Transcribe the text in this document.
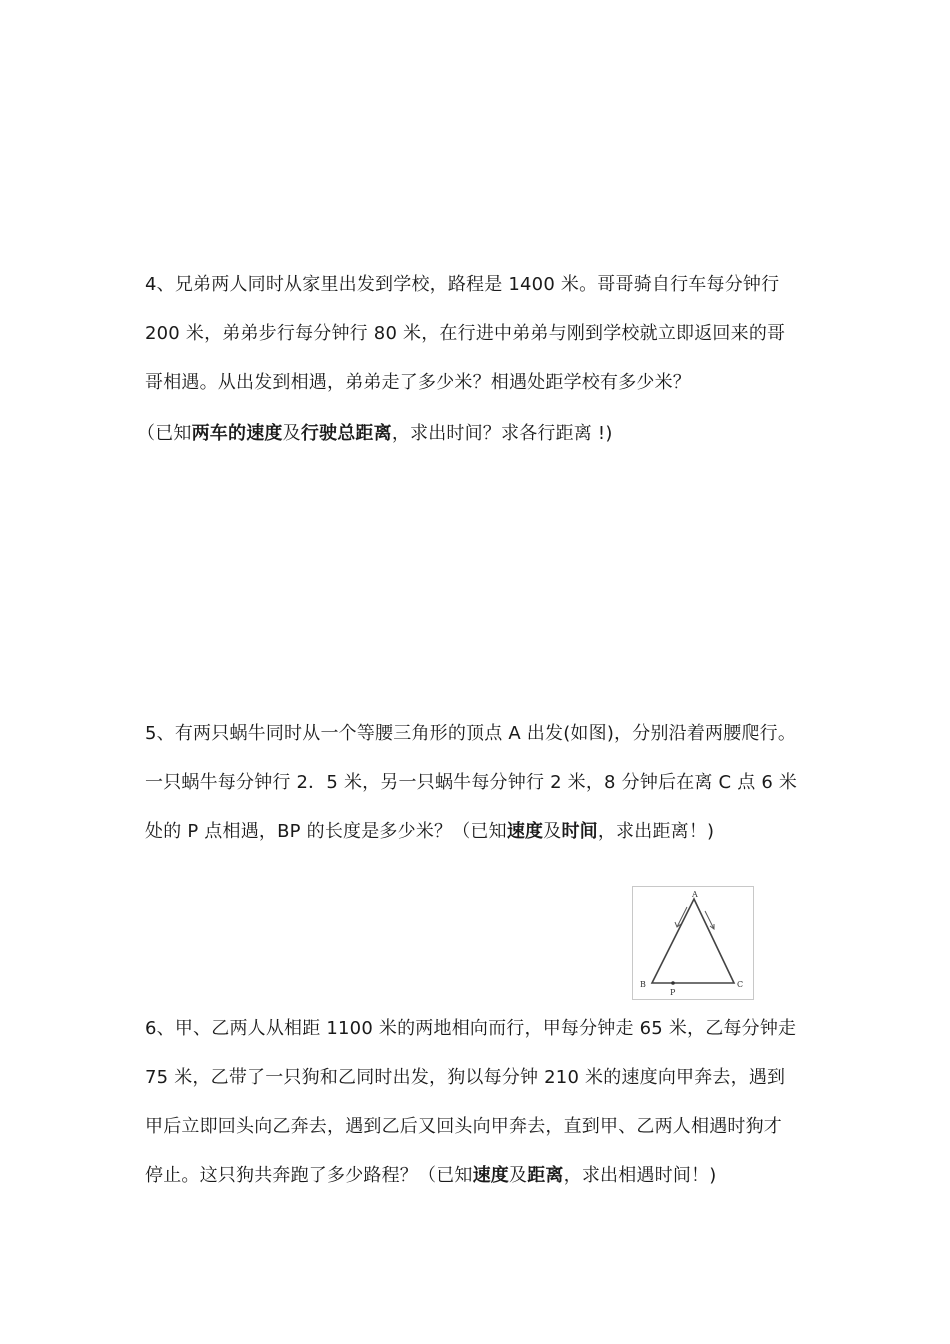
4、兄弟两人同时从家里出发到学校，路程是 1400 米。哥哥骑自行车每分钟行
200 米，弟弟步行每分钟行 80 米，在行进中弟弟与刚到学校就立即返回来的哥
哥相遇。从出发到相遇，弟弟走了多少米？相遇处距学校有多少米？
（已知两车的速度及行驶总距离，求出时间？求各行距离 !)
5、有两只蜗牛同时从一个等腰三角形的顶点 A 出发(如图)，分别沿着两腰爬行。
一只蜗牛每分钟行 2．5 米，另一只蜗牛每分钟行 2 米，8 分钟后在离 C 点 6 米
处的 P 点相遇，BP 的长度是多少米？（已知速度及时间，求出距离！)
A
B	C
P
6、甲、乙两人从相距 1100 米的两地相向而行，甲每分钟走 65 米，乙每分钟走
75 米，乙带了一只狗和乙同时出发，狗以每分钟 210 米的速度向甲奔去，遇到
甲后立即回头向乙奔去，遇到乙后又回头向甲奔去，直到甲、乙两人相遇时狗才
停止。这只狗共奔跑了多少路程？（已知速度及距离，求出相遇时间！)
